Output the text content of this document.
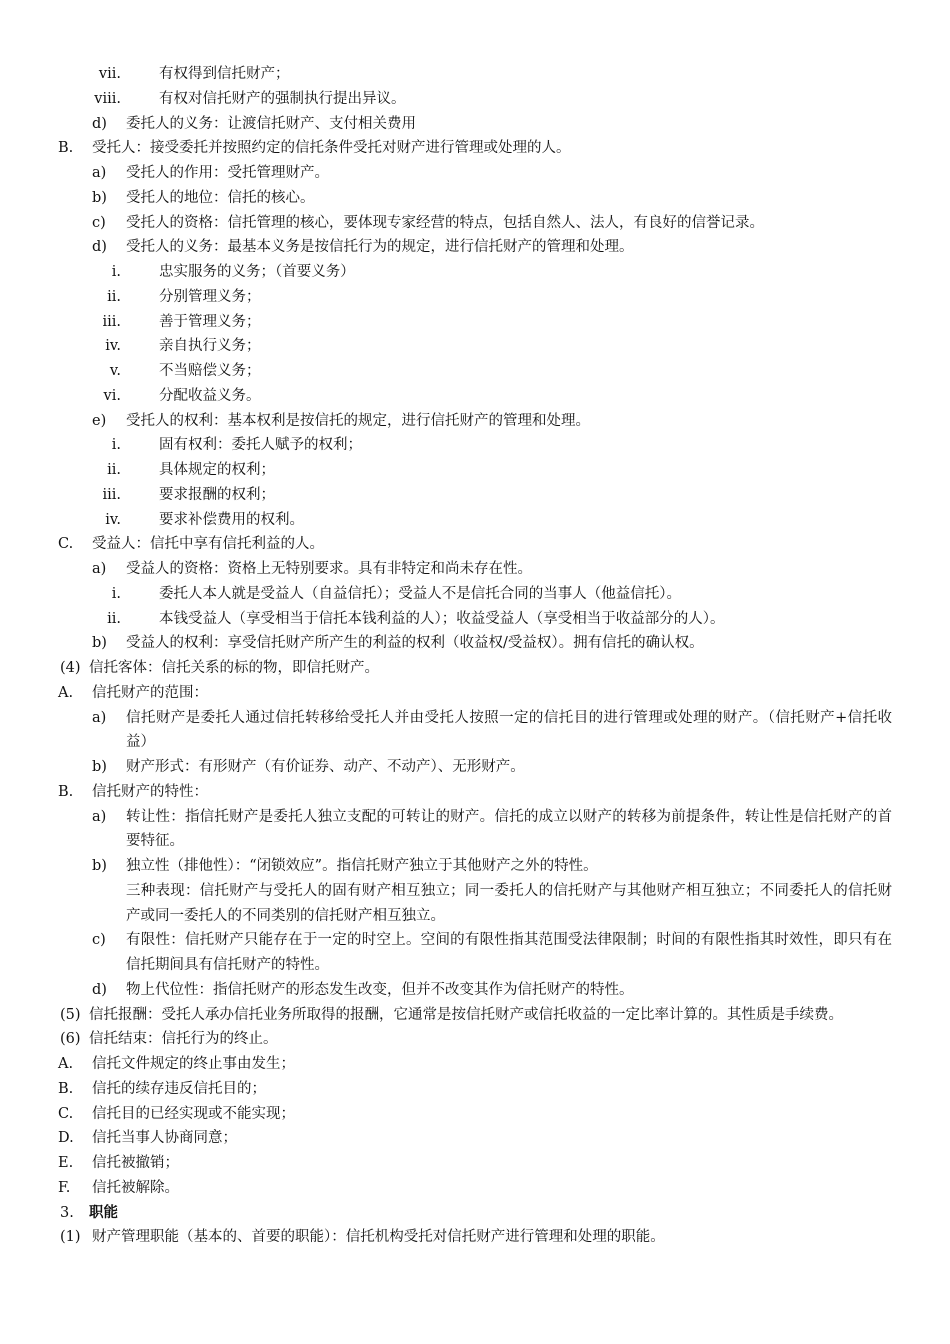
vii.	有权得到信托财产；
viii.	有权对信托财产的强制执行提出异议。
d) 委托人的义务：让渡信托财产、支付相关费用
B. 受托人：接受委托并按照约定的信托条件受托对财产进行管理或处理的人。
a) 受托人的作用：受托管理财产。
b) 受托人的地位：信托的核心。
c) 受托人的资格：信托管理的核心，要体现专家经营的特点，包括自然人、法人，有良好的信誉记录。
d) 受托人的义务：最基本义务是按信托行为的规定，进行信托财产的管理和处理。
i.	忠实服务的义务；（首要义务）
ii.	分别管理义务；
iii.	善于管理义务；
iv.	亲自执行义务；
v.	不当赔偿义务；
vi.	分配收益义务。
e) 受托人的权利：基本权利是按信托的规定，进行信托财产的管理和处理。
i.	固有权利：委托人赋予的权利；
ii.	具体规定的权利；
iii.	要求报酬的权利；
iv.	要求补偿费用的权利。
C. 受益人：信托中享有信托利益的人。
a) 受益人的资格：资格上无特别要求。具有非特定和尚未存在性。
i.	委托人本人就是受益人（自益信托）；受益人不是信托合同的当事人（他益信托）。
ii.	本钱受益人（享受相当于信托本钱利益的人）；收益受益人（享受相当于收益部分的人）。
b) 受益人的权利：享受信托财产所产生的利益的权利（收益权/受益权）。拥有信托的确认权。
(4) 信托客体：信托关系的标的物，即信托财产。
A. 信托财产的范围：
a) 信托财产是委托人通过信托转移给受托人并由受托人按照一定的信托目的进行管理或处理的财产。（信托财产+信托收益）
b) 财产形式：有形财产（有价证券、动产、不动产）、无形财产。
B. 信托财产的特性：
a) 转让性：指信托财产是委托人独立支配的可转让的财产。信托的成立以财产的转移为前提条件，转让性是信托财产的首要特征。
b) 独立性（排他性）：“闭锁效应”。指信托财产独立于其他财产之外的特性。
三种表现：信托财产与受托人的固有财产相互独立；同一委托人的信托财产与其他财产相互独立；不同委托人的信托财产或同一委托人的不同类别的信托财产相互独立。
c) 有限性：信托财产只能存在于一定的时空上。空间的有限性指其范围受法律限制；时间的有限性指其时效性，即只有在信托期间具有信托财产的特性。
d) 物上代位性：指信托财产的形态发生改变，但并不改变其作为信托财产的特性。
(5) 信托报酬：受托人承办信托业务所取得的报酬，它通常是按信托财产或信托收益的一定比率计算的。其性质是手续费。
(6) 信托结束：信托行为的终止。
A. 信托文件规定的终止事由发生；
B. 信托的续存违反信托目的；
C. 信托目的已经实现或不能实现；
D. 信托当事人协商同意；
E. 信托被撤销；
F. 信托被解除。
3. 职能
(1) 财产管理职能（基本的、首要的职能）：信托机构受托对信托财产进行管理和处理的职能。
